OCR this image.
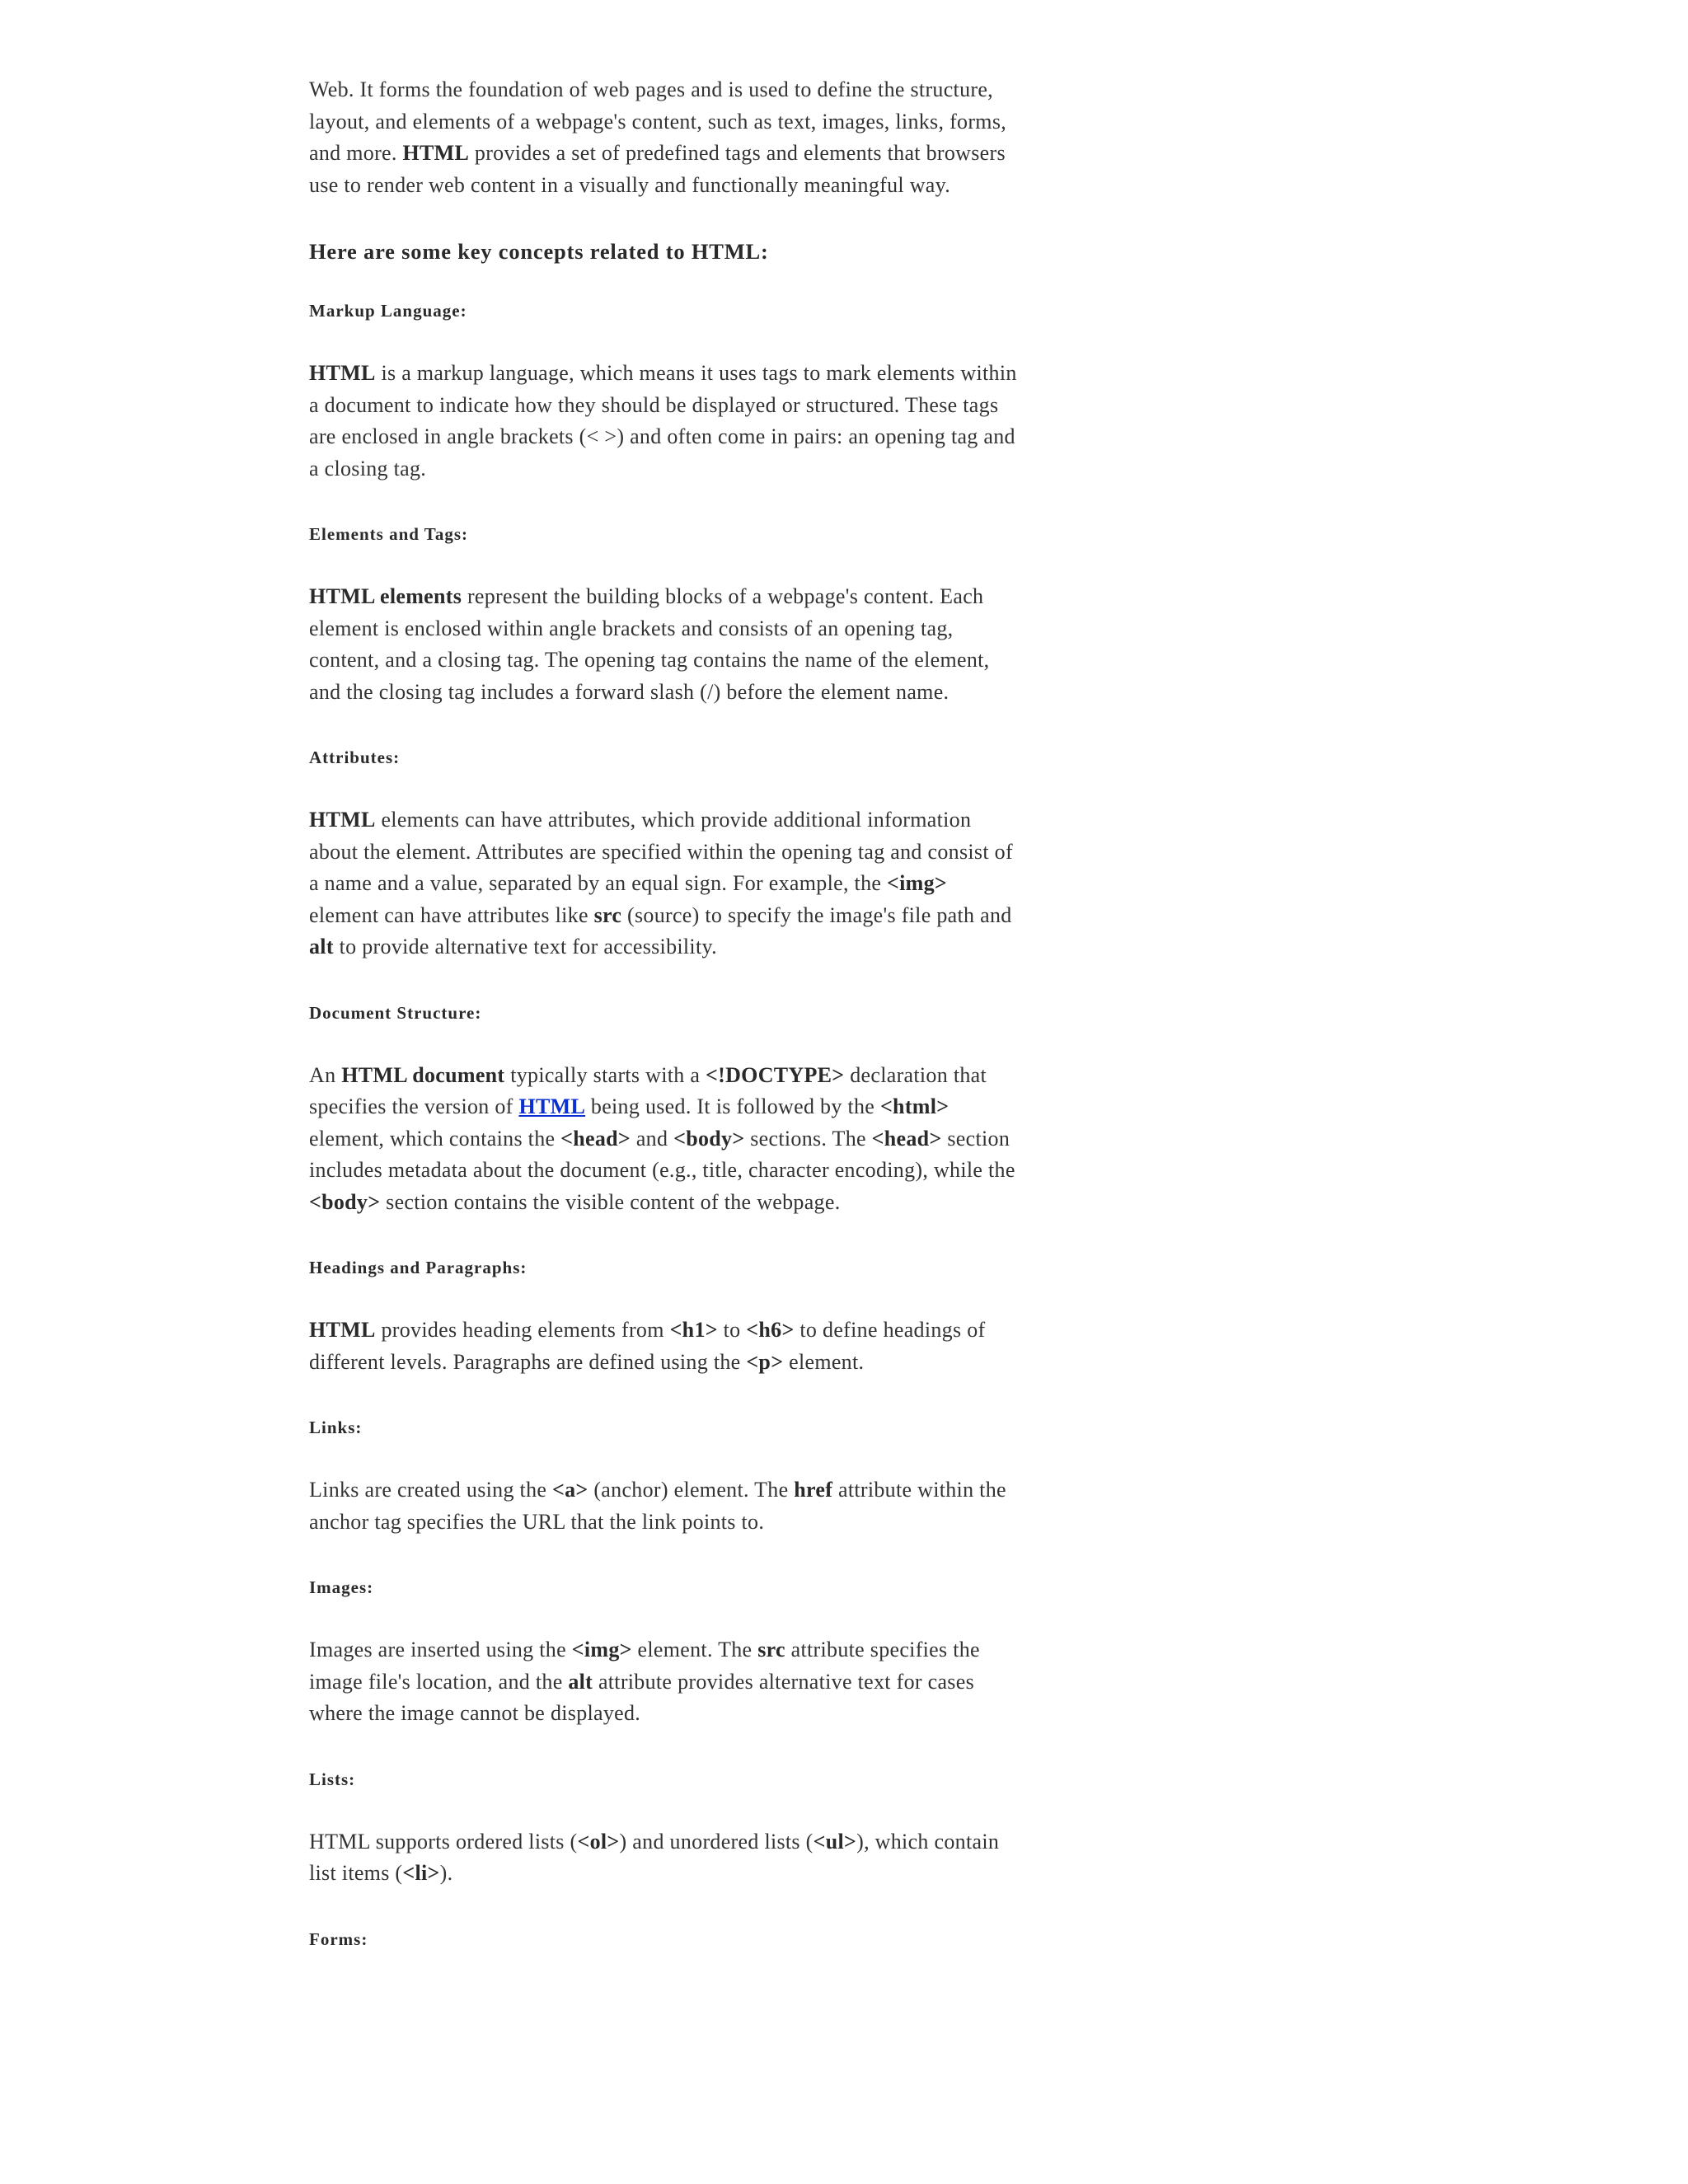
Web. It forms the foundation of web pages and is used to define the structure, layout, and elements of a webpage's content, such as text, images, links, forms, and more. HTML provides a set of predefined tags and elements that browsers use to render web content in a visually and functionally meaningful way.

Here are some key concepts related to HTML:

Markup Language:

HTML is a markup language, which means it uses tags to mark elements within a document to indicate how they should be displayed or structured. These tags are enclosed in angle brackets (< >) and often come in pairs: an opening tag and a closing tag.

Elements and Tags:

HTML elements represent the building blocks of a webpage's content. Each element is enclosed within angle brackets and consists of an opening tag, content, and a closing tag. The opening tag contains the name of the element, and the closing tag includes a forward slash (/) before the element name.

Attributes:

HTML elements can have attributes, which provide additional information about the element. Attributes are specified within the opening tag and consist of a name and a value, separated by an equal sign. For example, the <img> element can have attributes like src (source) to specify the image's file path and alt to provide alternative text for accessibility.

Document Structure:

An HTML document typically starts with a <!DOCTYPE> declaration that specifies the version of HTML being used. It is followed by the <html> element, which contains the <head> and <body> sections. The <head> section includes metadata about the document (e.g., title, character encoding), while the <body> section contains the visible content of the webpage.

Headings and Paragraphs:

HTML provides heading elements from <h1> to <h6> to define headings of different levels. Paragraphs are defined using the <p> element.

Links:

Links are created using the <a> (anchor) element. The href attribute within the anchor tag specifies the URL that the link points to.

Images:

Images are inserted using the <img> element. The src attribute specifies the image file's location, and the alt attribute provides alternative text for cases where the image cannot be displayed.

Lists:

HTML supports ordered lists (<ol>) and unordered lists (<ul>), which contain list items (<li>).

Forms:
